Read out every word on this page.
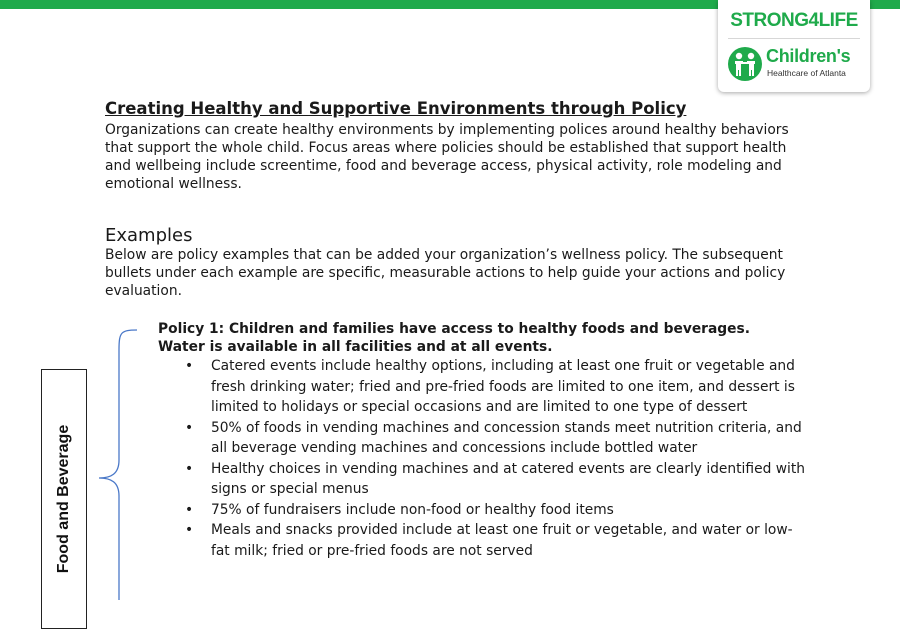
STRONG4LIFE
Children's
Healthcare of Atlanta
Creating Healthy and Supportive Environments through Policy

Organizations can create healthy environments by implementing polices around healthy behaviors that support the whole child. Focus areas where policies should be established that support health and wellbeing include screentime, food and beverage access, physical activity, role modeling and emotional wellness.

Examples

Below are policy examples that can be added your organization’s wellness policy. The subsequent bullets under each example are specific, measurable actions to help guide your actions and policy evaluation.

Food and Beverage

Policy 1: Children and families have access to healthy foods and beverages. Water is available in all facilities and at all events.

• Catered events include healthy options, including at least one fruit or vegetable and fresh drinking water; fried and pre-fried foods are limited to one item, and dessert is limited to holidays or special occasions and are limited to one type of dessert
• 50% of foods in vending machines and concession stands meet nutrition criteria, and all beverage vending machines and concessions include bottled water
• Healthy choices in vending machines and at catered events are clearly identified with signs or special menus
• 75% of fundraisers include non-food or healthy food items
• Meals and snacks provided include at least one fruit or vegetable, and water or low-fat milk; fried or pre-fried foods are not served
